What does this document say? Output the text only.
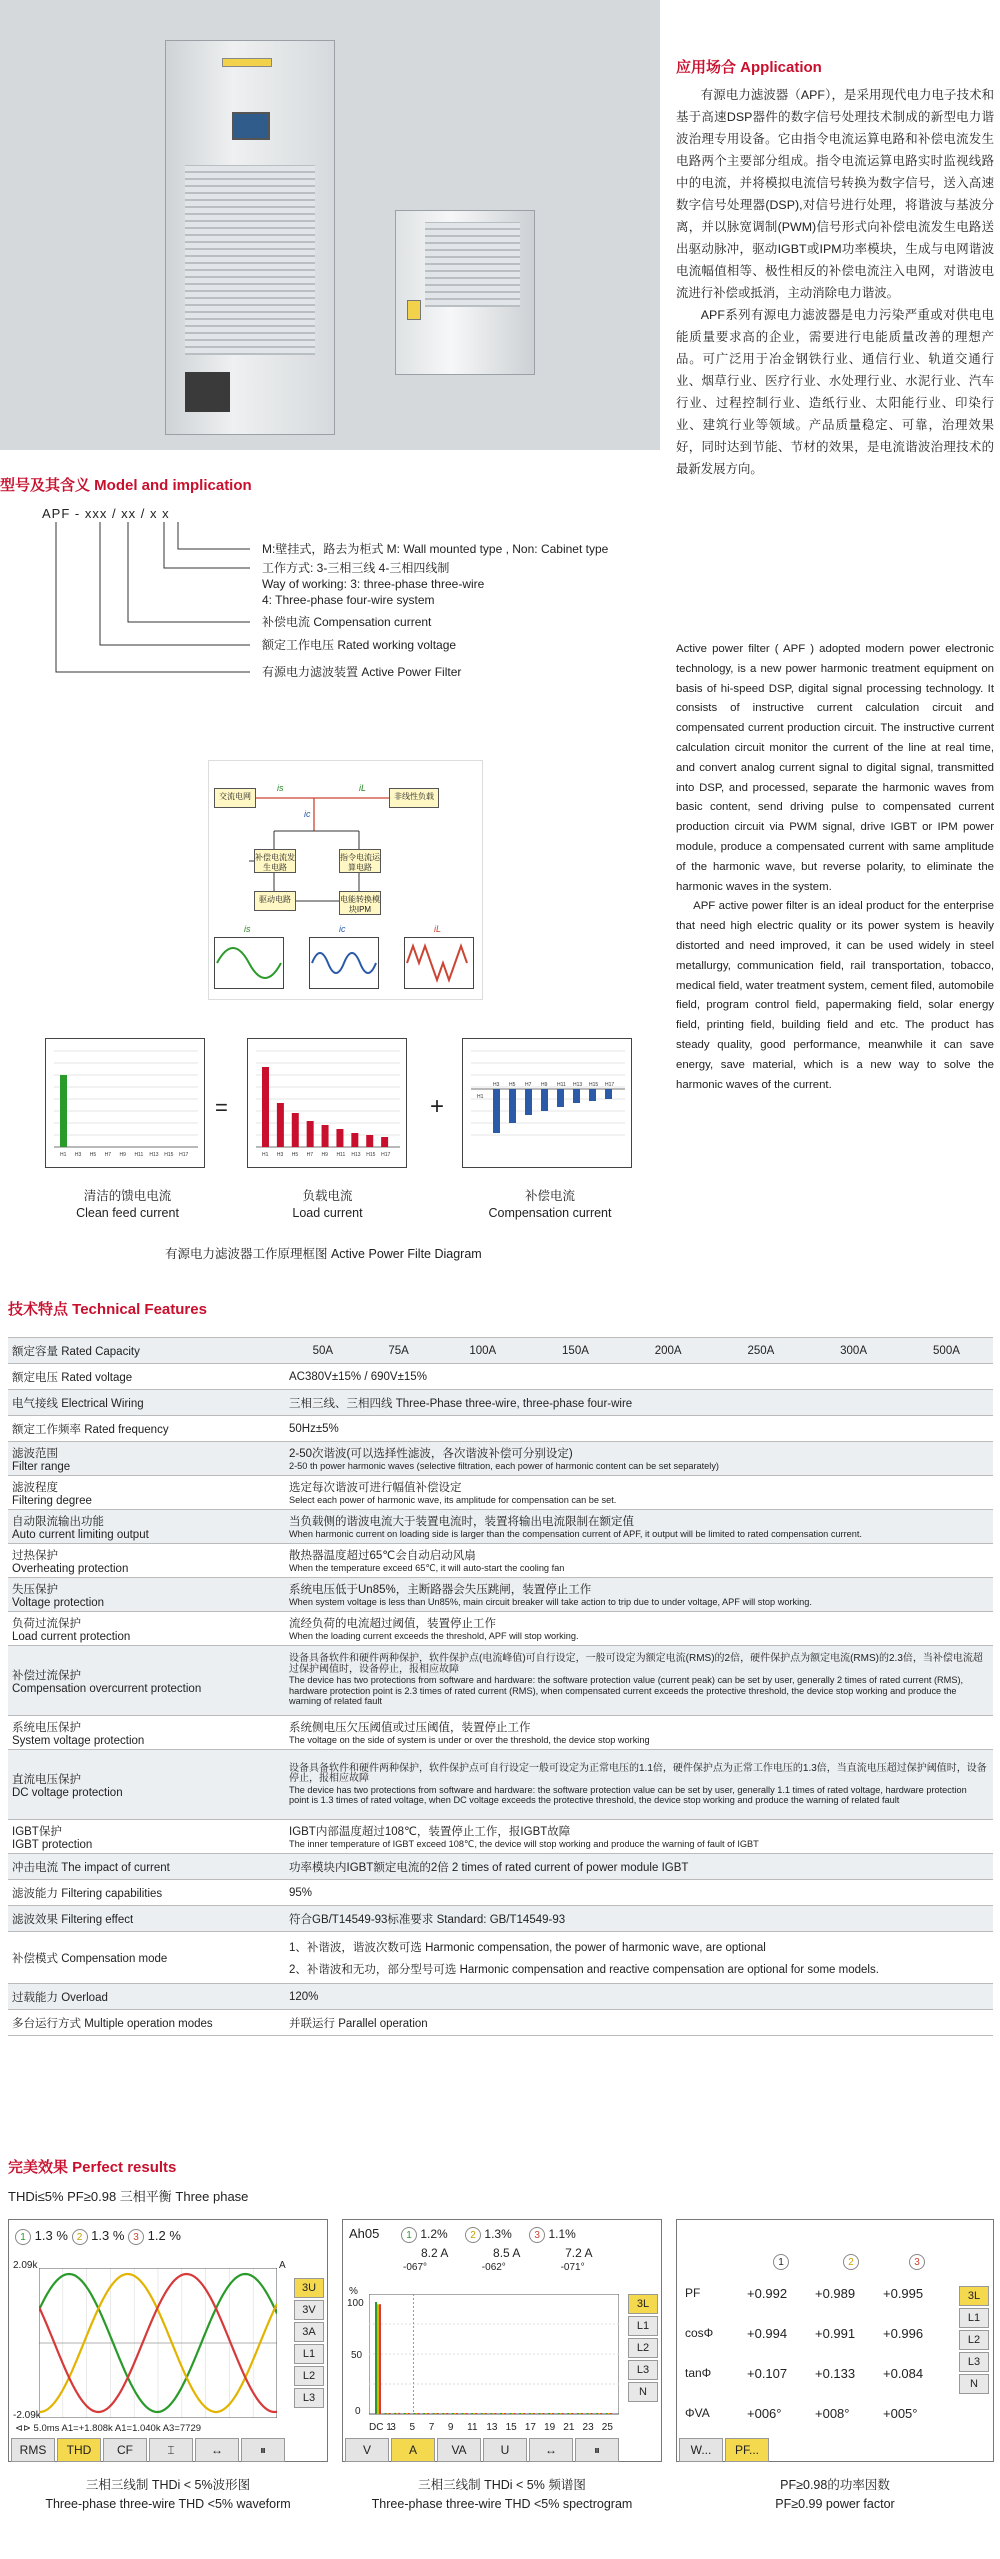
应用场合 Application

有源电力滤波器（APF），是采用现代电力电子技术和基于高速DSP器件的数字信号处理技术制成的新型电力谐波治理专用设备。它由指令电流运算电路和补偿电流发生电路两个主要部分组成。指令电流运算电路实时监视线路中的电流，并将模拟电流信号转换为数字信号，送入高速数字信号处理器(DSP),对信号进行处理，将谐波与基波分离，并以脉宽调制(PWM)信号形式向补偿电流发生电路送出驱动脉冲，驱动IGBT或IPM功率模块，生成与电网谐波电流幅值相等、极性相反的补偿电流注入电网，对谐波电流进行补偿或抵消，主动消除电力谐波。

APF系列有源电力滤波器是电力污染严重或对供电电能质量要求高的企业，需要进行电能质量改善的理想产品。可广泛用于冶金钢铁行业、通信行业、轨道交通行业、烟草行业、医疗行业、水处理行业、水泥行业、汽车行业、过程控制行业、造纸行业、太阳能行业、印染行业、建筑行业等领域。产品质量稳定、可靠，治理效果好，同时达到节能、节材的效果，是电流谐波治理技术的最新发展方向。

Active power filter ( APF ) adopted modern power electronic technology, is a new power harmonic treatment equipment on basis of hi-speed DSP, digital signal processing technology. It consists of instructive current calculation circuit and compensated current production circuit. The instructive current calculation circuit monitor the current of the line at real time, and convert analog current signal to digital signal, transmitted into DSP, and processed, separate the harmonic waves from basic content, send driving pulse to compensated current production circuit via PWM signal, drive IGBT or IPM power module, produce a compensated current with same amplitude of the harmonic wave, but reverse polarity, to eliminate the harmonic waves in the system.

APF active power filter is an ideal product for the enterprise that need high electric quality or its power system is heavily distorted and need improved, it can be used widely in steel metallurgy, communication field, rail transportation, tobacco, medical field, water treatment system, cement filed, automobile field, program control field, papermaking field, solar energy field, printing field, building field and etc. The product has steady quality, good performance, meanwhile it can save energy, save material, which is a new way to solve the harmonic waves of the current.

型号及其含义 Model and implication
APF - xxx / xx / x x
M:壁挂式，路去为柜式 M: Wall mounted type , Non: Cabinet type
工作方式: 3-三相三线 4-三相四线制
Way of working: 3: three-phase three-wire
4: Three-phase four-wire system
补偿电流 Compensation current
额定工作电压 Rated working voltage
有源电力滤波装置 Active Power Filter
交流电网	非线性负载
补偿电流发生电路
指令电流运算电路
驱动电路	电能转换模块IPM
is	iL
ic
is	ic	iL
H1 H3 H5 H7 H9 H11 H13 H15 H17
=
H1 H3 H5 H7 H9 H11 H13 H15 H17
+	H1
H3 H5 H7 H9 H11 H13 H15 H17
清洁的馈电电流
Clean feed current
负载电流
Load current
补偿电流
Compensation current
有源电力滤波器工作原理框图 Active Power Filte Diagram
技术特点 Technical Features
额定容量 Rated Capacity	50A	75A	100A	150A	200A	250A	300A	500A
额定电压 Rated voltage	AC380V±15% / 690V±15%							
电气接线 Electrical Wiring	三相三线、三相四线 Three-Phase three-wire, three-phase four-wire							
额定工作频率 Rated frequency	50Hz±5%							

滤波范围
Filter range	2-50次谐波(可以选择性滤波，各次谐波补偿可分别设定)
2-50 th power harmonic waves (selective filtration, each power of harmonic content can be set separately)							

滤波程度
Filtering degree	选定每次谐波可进行幅值补偿设定
Select each power of harmonic wave, its amplitude for compensation can be set.							

自动限流输出功能
Auto current limiting output	当负载侧的谐波电流大于装置电流时，装置将输出电流限制在额定值
When harmonic current on loading side is larger than the compensation current of APF, it output will be limited to rated compensation current.							

过热保护
Overheating protection	散热器温度超过65℃会自动启动风扇
When the temperature exceed 65℃, it will auto-start the cooling fan							

失压保护
Voltage protection	系统电压低于Un85%，主断路器会失压跳闸，装置停止工作
When system voltage is less than Un85%, main circuit breaker will take action to trip due to under voltage, APF will stop working.							

负荷过流保护
Load current protection	流经负荷的电流超过阈值，装置停止工作
When the loading current exceeds the threshold, APF will stop working.							

补偿过流保护
Compensation overcurrent protection	设备具备软件和硬件两种保护，软件保护点(电流峰值)可自行设定，一般可设定为额定电流(RMS)的2倍，硬件保护点为额定电流(RMS)的2.3倍，当补偿电流超过保护阈值时，设备停止，报相应故障
The device has two protections from software and hardware: the software protection value (current peak) can be set by user, generally 2 times of rated current (RMS), hardware protection point is 2.3 times of rated current (RMS), when compensated current exceeds the protective threshold, the device stop working and produce the warning of related fault							

系统电压保护
System voltage protection	系统侧电压欠压阈值或过压阈值，装置停止工作
The voltage on the side of system is under or over the threshold, the device stop working							

直流电压保护
DC voltage protection	设备具备软件和硬件两种保护，软件保护点可自行设定一般可设定为正常电压的1.1倍，硬件保护点为正常工作电压的1.3倍，当直流电压超过保护阈值时，设备停止，报相应故障
The device has two protections from software and hardware: the software protection value can be set by user, generally 1.1 times of rated voltage, hardware protection point is 1.3 times of rated voltage, when DC voltage exceeds the protective threshold, the device stop working and produce the warning of related fault							

IGBT保护
IGBT protection	IGBT内部温度超过108℃，装置停止工作，报IGBT故障
The inner temperature of IGBT exceed 108℃, the device will stop working and produce the warning of fault of IGBT							

冲击电流 The impact of current	功率模块内IGBT额定电流的2倍 2 times of rated current of power module IGBT							
滤波能力 Filtering capabilities	95%							
滤波效果 Filtering effect	符合GB/T14549-93标准要求 Standard: GB/T14549-93							
补偿模式 Compensation mode	1、补谐波，谐波次数可选 Harmonic compensation, the power of harmonic wave, are optional
2、补谐波和无功，部分型号可选 Harmonic compensation and reactive compensation are optional for some models.							

过载能力 Overload	120%							
多台运行方式 Multiple operation modes	并联运行 Parallel operation							
完美效果 Perfect results
THDi≤5% PF≥0.98 三相平衡 Three phase
1 1.3 % 2 1.3 % 3 1.2 %
2.09k
-2.09k
A
⊲⊳ 5.0ms A1=+1.808k A1=1.040k A3=7729
3U
3V
3A
L1
L2
L3
RMS	THD	CF	⌶	↔	⏸
Ah05	1 1.2% 2 1.3% 3 1.1%
8.2 A	8.5 A	7.2 A
-067°	-062°	-071°
%
100
50
0
DC 1
3 5 7 9 11 13 15 17 19 21 23 25
3L
L1
L2
L3
N
V	A	VA	U	↔	⏸
1	2	3
PF	+0.992 +0.989 +0.995
cosΦ	+0.994 +0.991 +0.996
tanΦ	+0.107 +0.133 +0.084
ΦVA	+006°	+008°	+005°
3L
L1
L2
L3
N
W...	PF...
三相三线制 THDi < 5%波形图
Three-phase three-wire THD <5% waveform
三相三线制 THDi < 5% 频谱图
Three-phase three-wire THD <5% spectrogram
PF≥0.98的功率因数
PF≥0.99 power factor
